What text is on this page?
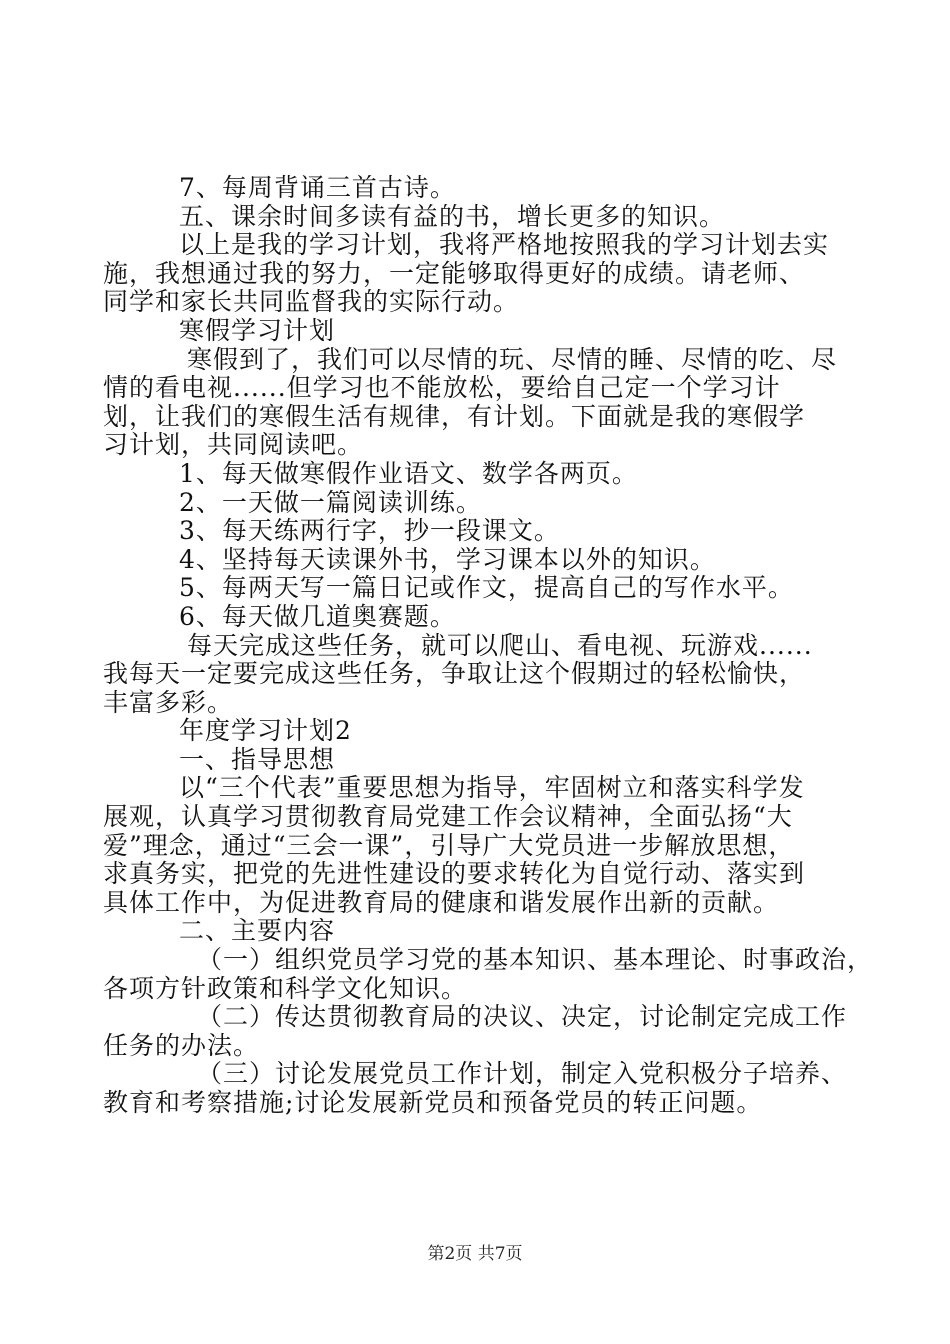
7、每周背诵三首古诗。
五、课余时间多读有益的书，增长更多的知识。
以上是我的学习计划，我将严格地按照我的学习计划去实
施，我想通过我的努力，一定能够取得更好的成绩。请老师、
同学和家长共同监督我的实际行动。
寒假学习计划
寒假到了，我们可以尽情的玩、尽情的睡、尽情的吃、尽
情的看电视......但学习也不能放松，要给自己定一个学习计
划，让我们的寒假生活有规律，有计划。下面就是我的寒假学
习计划，共同阅读吧。
1、每天做寒假作业语文、数学各两页。
2、一天做一篇阅读训练。
3、每天练两行字，抄一段课文。
4、坚持每天读课外书，学习课本以外的知识。
5、每两天写一篇日记或作文，提高自己的写作水平。
6、每天做几道奥赛题。
每天完成这些任务，就可以爬山、看电视、玩游戏......
我每天一定要完成这些任务，争取让这个假期过的轻松愉快，
丰富多彩。
年度学习计划2
一、指导思想
以“三个代表”重要思想为指导，牢固树立和落实科学发
展观，认真学习贯彻教育局党建工作会议精神，全面弘扬“大
爱”理念，通过“三会一课”，引导广大党员进一步解放思想，
求真务实，把党的先进性建设的要求转化为自觉行动、落实到
具体工作中，为促进教育局的健康和谐发展作出新的贡献。
二、主要内容
（一）组织党员学习党的基本知识、基本理论、时事政治，
各项方针政策和科学文化知识。
（二）传达贯彻教育局的决议、决定，讨论制定完成工作
任务的办法。
（三）讨论发展党员工作计划，制定入党积极分子培养、
教育和考察措施;讨论发展新党员和预备党员的转正问题。
第2页 共7页
